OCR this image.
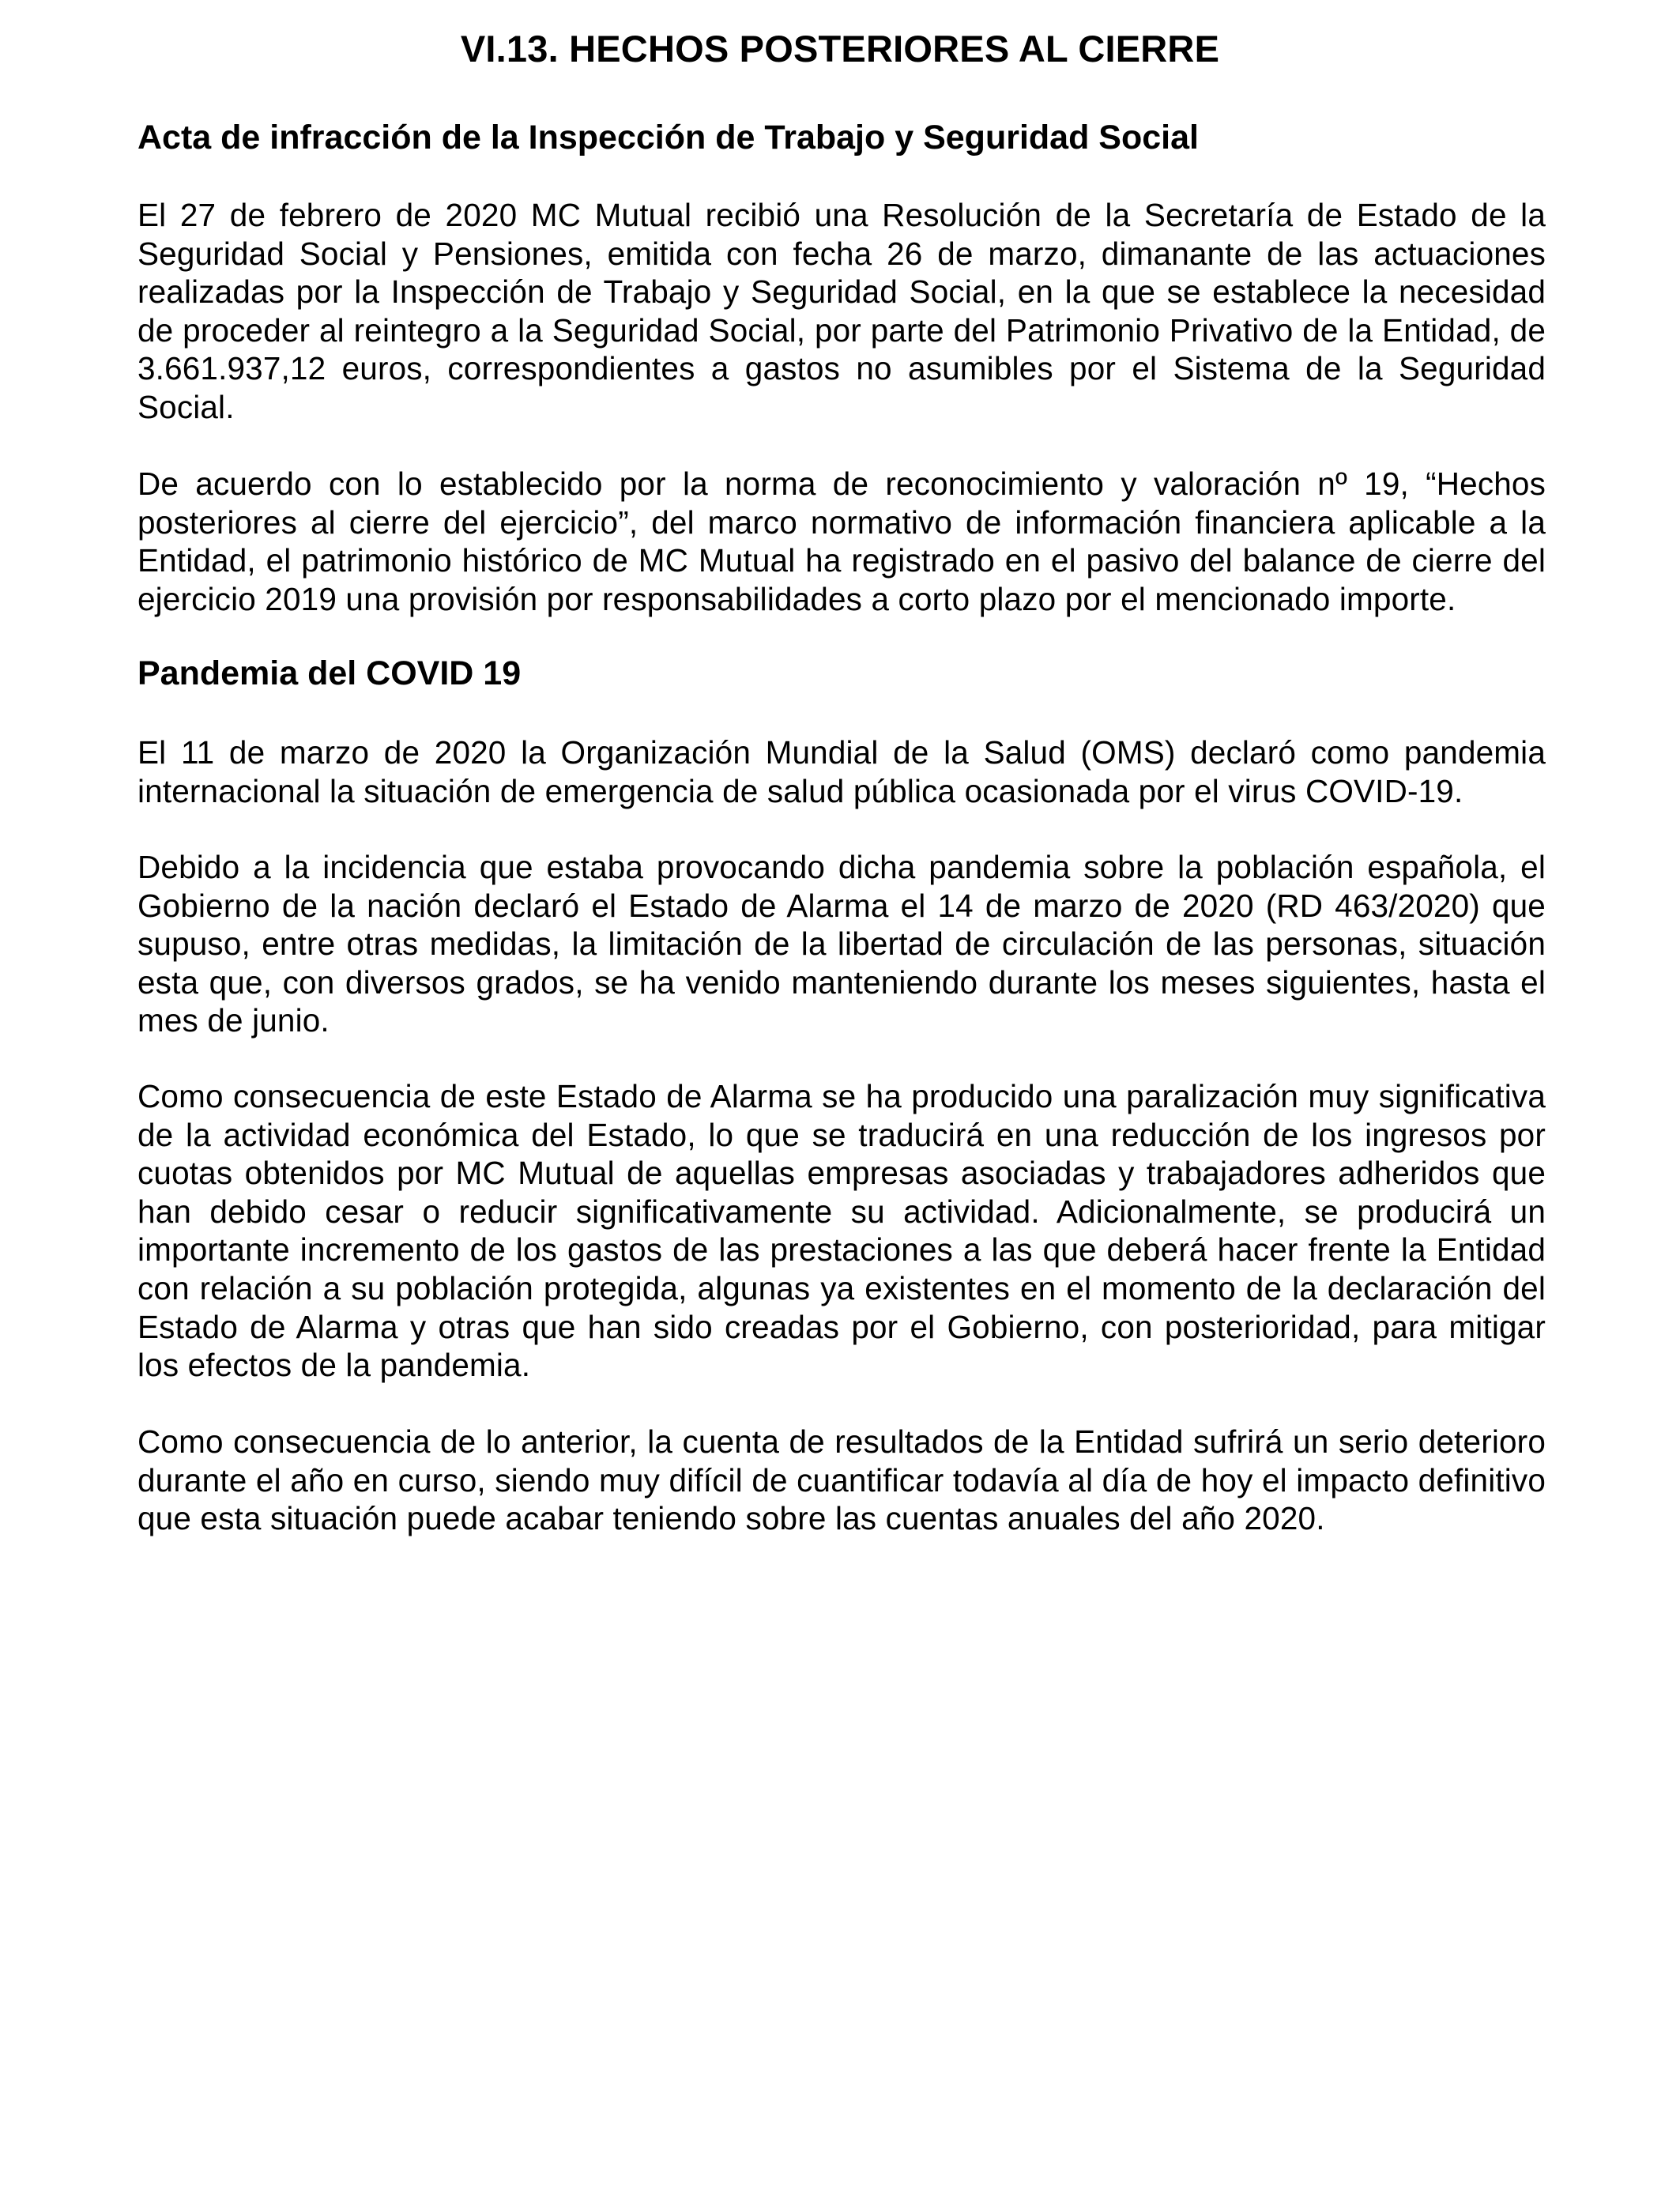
VI.13. HECHOS POSTERIORES AL CIERRE
Acta de infracción de la Inspección de Trabajo y Seguridad Social

El 27 de febrero de 2020 MC Mutual recibió una Resolución de la Secretaría de Estado de la Seguridad Social y Pensiones, emitida con fecha 26 de marzo, dimanante de las actuaciones realizadas por la Inspección de Trabajo y Seguridad Social, en la que se establece la necesidad de proceder al reintegro a la Seguridad Social, por parte del Patrimonio Privativo de la Entidad, de 3.661.937,12 euros, correspondientes a gastos no asumibles por el Sistema de la Seguridad Social.

De acuerdo con lo establecido por la norma de reconocimiento y valoración nº 19, “Hechos posteriores al cierre del ejercicio”, del marco normativo de información financiera aplicable a la Entidad, el patrimonio histórico de MC Mutual ha registrado en el pasivo del balance de cierre del ejercicio 2019 una provisión por responsabilidades a corto plazo por el mencionado importe.

Pandemia del COVID 19

El 11 de marzo de 2020 la Organización Mundial de la Salud (OMS) declaró como pandemia internacional la situación de emergencia de salud pública ocasionada por el virus COVID-19.

Debido a la incidencia que estaba provocando dicha pandemia sobre la población española, el Gobierno de la nación declaró el Estado de Alarma el 14 de marzo de 2020 (RD 463/2020) que supuso, entre otras medidas, la limitación de la libertad de circulación de las personas, situación esta que, con diversos grados, se ha venido manteniendo durante los meses siguientes, hasta el mes de junio.

Como consecuencia de este Estado de Alarma se ha producido una paralización muy significativa de la actividad económica del Estado, lo que se traducirá en una reducción de los ingresos por cuotas obtenidos por MC Mutual de aquellas empresas asociadas y trabajadores adheridos que han debido cesar o reducir significativamente su actividad. Adicionalmente, se producirá un importante incremento de los gastos de las prestaciones a las que deberá hacer frente la Entidad con relación a su población protegida, algunas ya existentes en el momento de la declaración del Estado de Alarma y otras que han sido creadas por el Gobierno, con posterioridad, para mitigar los efectos de la pandemia.

Como consecuencia de lo anterior, la cuenta de resultados de la Entidad sufrirá un serio deterioro durante el año en curso, siendo muy difícil de cuantificar todavía al día de hoy el impacto definitivo que esta situación puede acabar teniendo sobre las cuentas anuales del año 2020.
